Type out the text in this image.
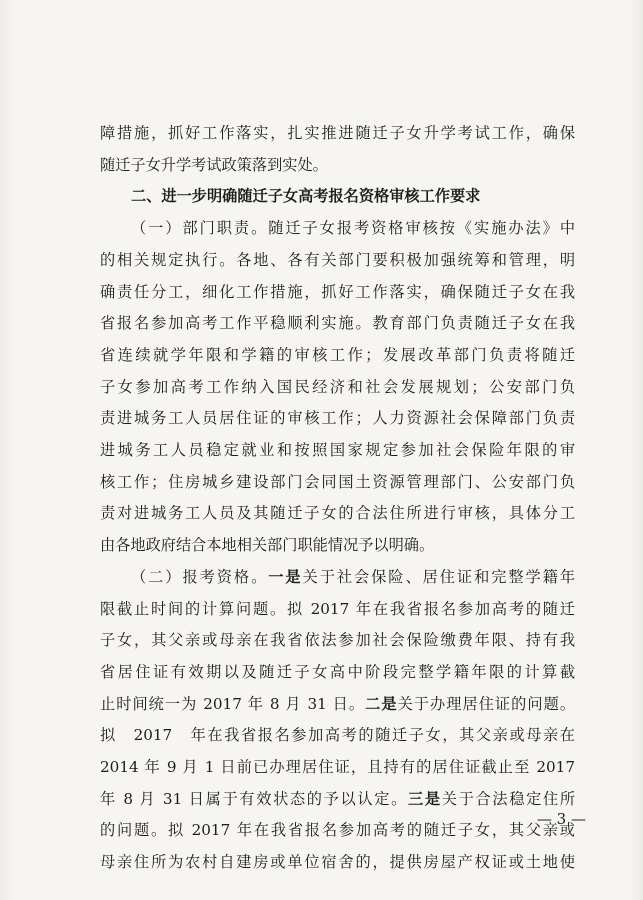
障措施，抓好工作落实，扎实推进随迁子女升学考试工作，确保
随迁子女升学考试政策落到实处。
二、进一步明确随迁子女高考报名资格审核工作要求
（一）部门职责。随迁子女报考资格审核按《实施办法》中
的相关规定执行。各地、各有关部门要积极加强统筹和管理，明
确责任分工，细化工作措施，抓好工作落实，确保随迁子女在我
省报名参加高考工作平稳顺利实施。教育部门负责随迁子女在我
省连续就学年限和学籍的审核工作；发展改革部门负责将随迁
子女参加高考工作纳入国民经济和社会发展规划；公安部门负
责进城务工人员居住证的审核工作；人力资源社会保障部门负责
进城务工人员稳定就业和按照国家规定参加社会保险年限的审
核工作；住房城乡建设部门会同国土资源管理部门、公安部门负
责对进城务工人员及其随迁子女的合法住所进行审核，具体分工
由各地政府结合本地相关部门职能情况予以明确。
（二）报考资格。一是关于社会保险、居住证和完整学籍年
限截止时间的计算问题。拟 2017 年在我省报名参加高考的随迁
子女，其父亲或母亲在我省依法参加社会保险缴费年限、持有我
省居住证有效期以及随迁子女高中阶段完整学籍年限的计算截
止时间统一为 2017 年 8 月 31 日。二是关于办理居住证的问题。
拟　2017　年在我省报名参加高考的随迁子女，其父亲或母亲在
2014 年 9 月 1 日前已办理居住证，且持有的居住证截止至 2017
年 8 月 31 日属于有效状态的予以认定。三是关于合法稳定住所
的问题。拟 2017 年在我省报名参加高考的随迁子女，其父亲或
母亲住所为农村自建房或单位宿舍的，提供房屋产权证或土地使
— 3 —
